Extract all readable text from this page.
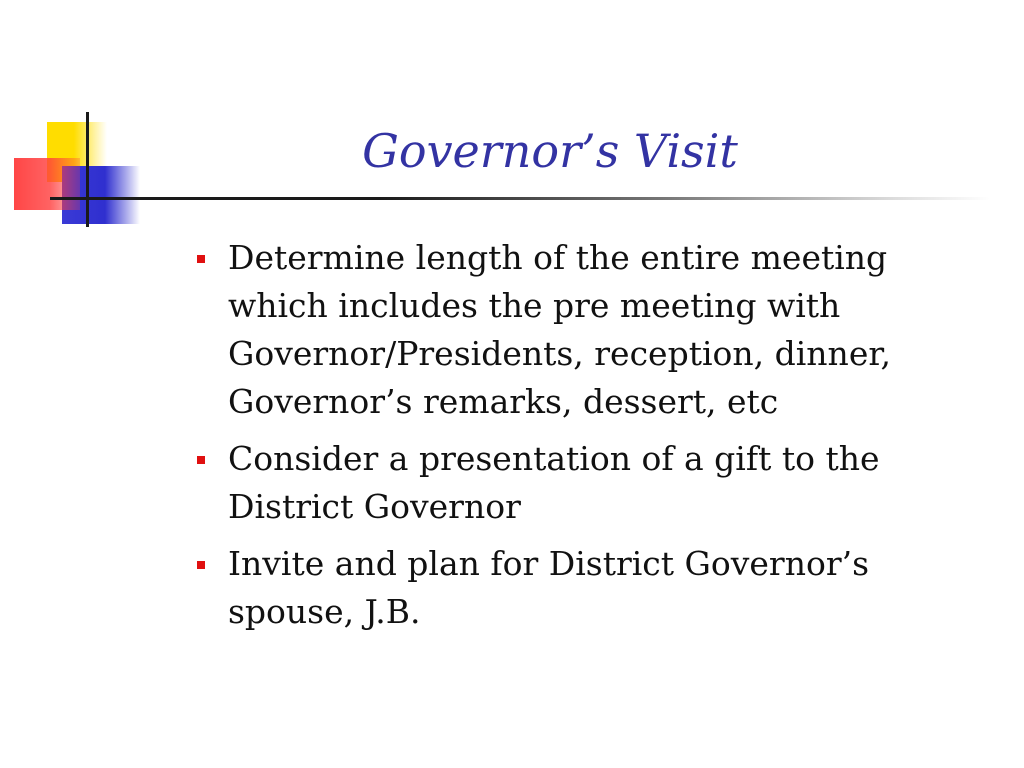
Governor’s Visit
Determine length of the entire meeting which includes the pre meeting with Governor/Presidents, reception, dinner, Governor’s remarks, dessert, etc
Consider a presentation of a gift to the District Governor
Invite and plan for District Governor’s spouse, J.B.
